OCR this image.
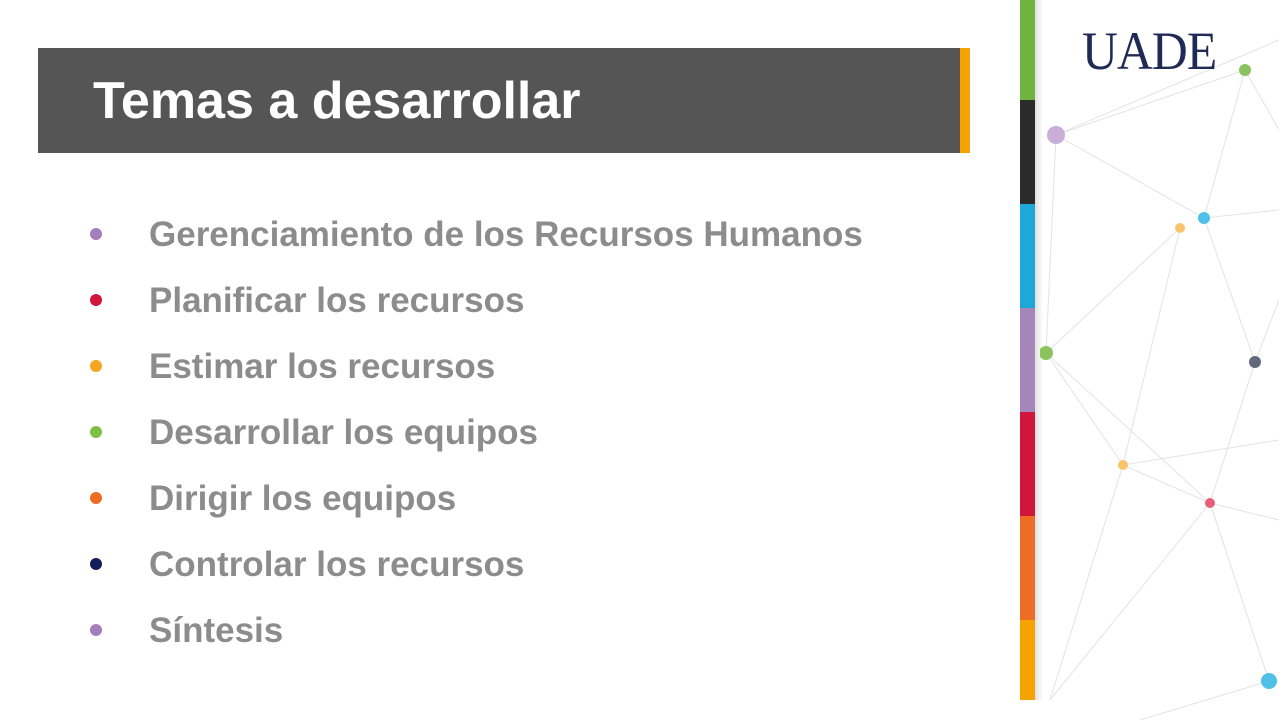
Temas a desarrollar
Gerenciamiento de los Recursos Humanos
Planificar los recursos
Estimar los recursos
Desarrollar los equipos
Dirigir los equipos
Controlar los recursos
Síntesis
UADE
